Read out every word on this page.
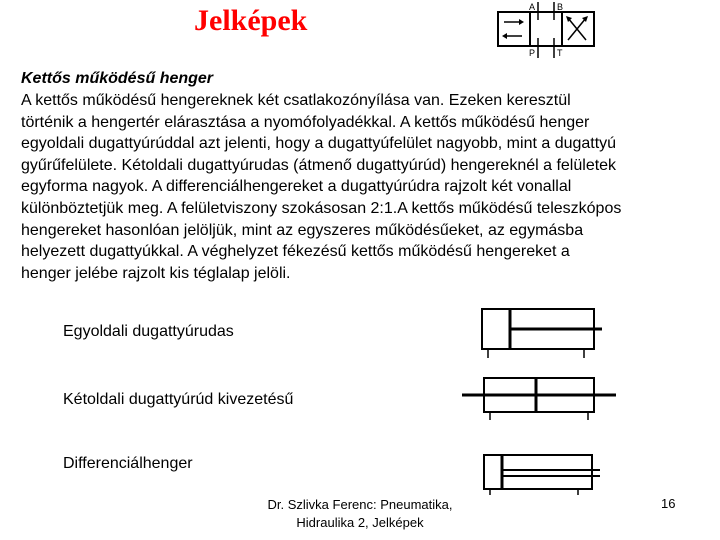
Jelképek	A B
P T
Kettős működésű henger
A kettős működésű hengereknek két csatlakozónyílása van. Ezeken keresztül
történik a hengertér elárasztása a nyomófolyadékkal. A kettős működésű henger
egyoldali dugattyúrúddal azt jelenti, hogy a dugattyúfelület nagyobb, mint a dugattyú
gyűrűfelülete. Kétoldali dugattyúrudas (átmenő dugattyúrúd) hengereknél a felületek
egyforma nagyok. A differenciálhengereket a dugattyúrúdra rajzolt két vonallal
különböztetjük meg. A felületviszony szokásosan 2:1.A kettős működésű teleszkópos
hengereket hasonlóan jelöljük, mint az egyszeres működésűeket, az egymásba
helyezett dugattyúkkal. A véghelyzet fékezésű kettős működésű hengereket a
henger jelébe rajzolt kis téglalap jelöli.
Egyoldali dugattyúrudas
Kétoldali dugattyúrúd kivezetésű
Differenciálhenger
Dr. Szlivka Ferenc: Pneumatika,
Hidraulika 2, Jelképek
16
